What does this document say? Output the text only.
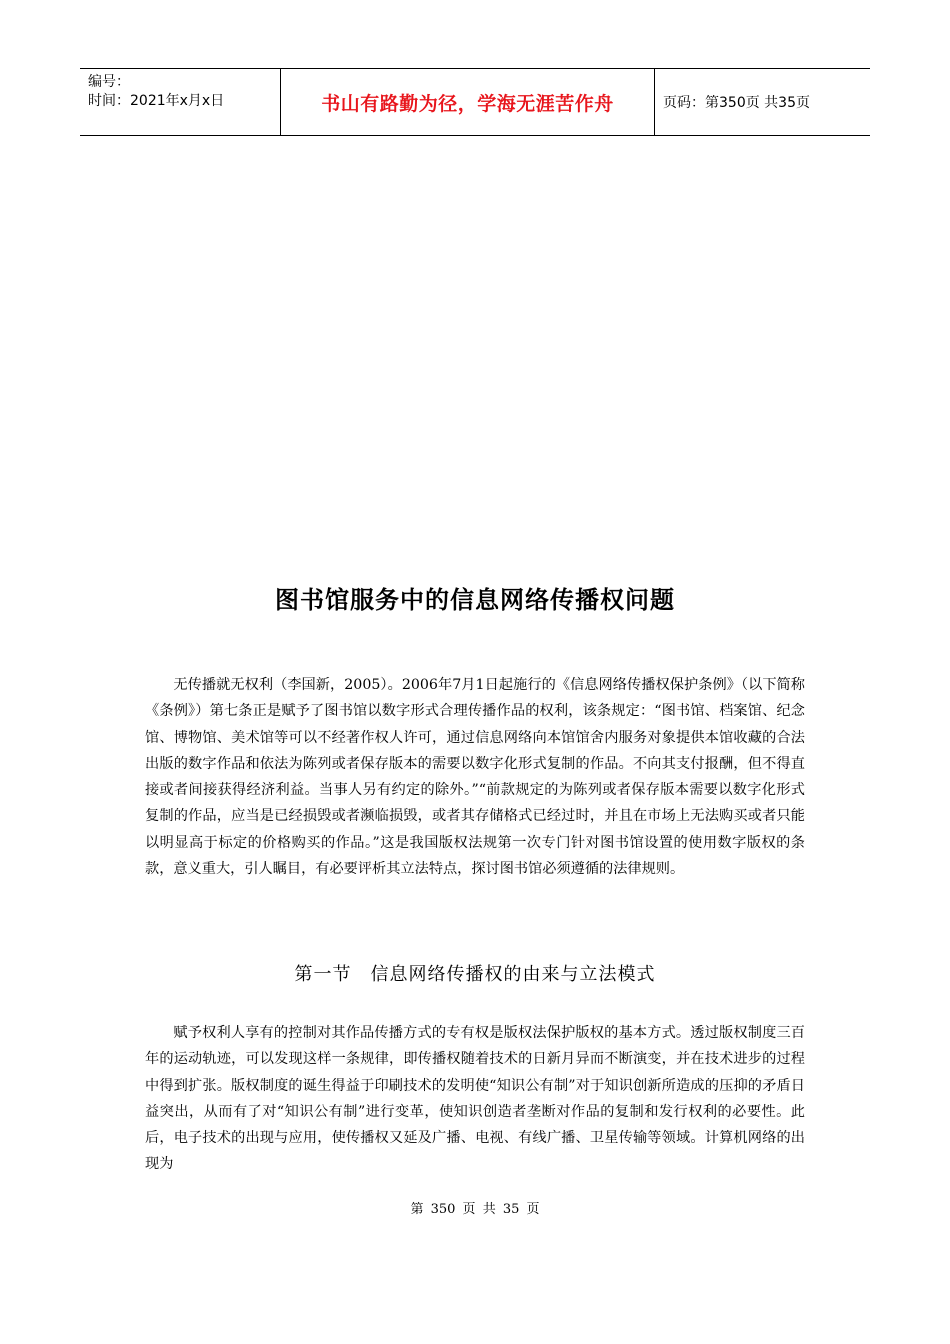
编号：
时间：2021年x月x日	书山有路勤为径，学海无涯苦作舟	页码：第350页 共35页
图书馆服务中的信息网络传播权问题

无传播就无权利（李国新，2005）。2006年7月1日起施行的《信息网络传播权保护条例》（以下简称《条例》）第七条正是赋予了图书馆以数字形式合理传播作品的权利，该条规定：“图书馆、档案馆、纪念馆、博物馆、美术馆等可以不经著作权人许可，通过信息网络向本馆馆舍内服务对象提供本馆收藏的合法出版的数字作品和依法为陈列或者保存版本的需要以数字化形式复制的作品。不向其支付报酬，但不得直接或者间接获得经济利益。当事人另有约定的除外。”“前款规定的为陈列或者保存版本需要以数字化形式复制的作品，应当是已经损毁或者濒临损毁，或者其存储格式已经过时，并且在市场上无法购买或者只能以明显高于标定的价格购买的作品。”这是我国版权法规第一次专门针对图书馆设置的使用数字版权的条款，意义重大，引人瞩目，有必要评析其立法特点，探讨图书馆必须遵循的法律规则。

第一节　信息网络传播权的由来与立法模式

赋予权利人享有的控制对其作品传播方式的专有权是版权法保护版权的基本方式。透过版权制度三百年的运动轨迹，可以发现这样一条规律，即传播权随着技术的日新月异而不断演变，并在技术进步的过程中得到扩张。版权制度的诞生得益于印刷技术的发明使“知识公有制”对于知识创新所造成的压抑的矛盾日益突出，从而有了对“知识公有制”进行变革，使知识创造者垄断对作品的复制和发行权利的必要性。此后，电子技术的出现与应用，使传播权又延及广播、电视、有线广播、卫星传输等领域。计算机网络的出现为

第 350 页 共 35 页
